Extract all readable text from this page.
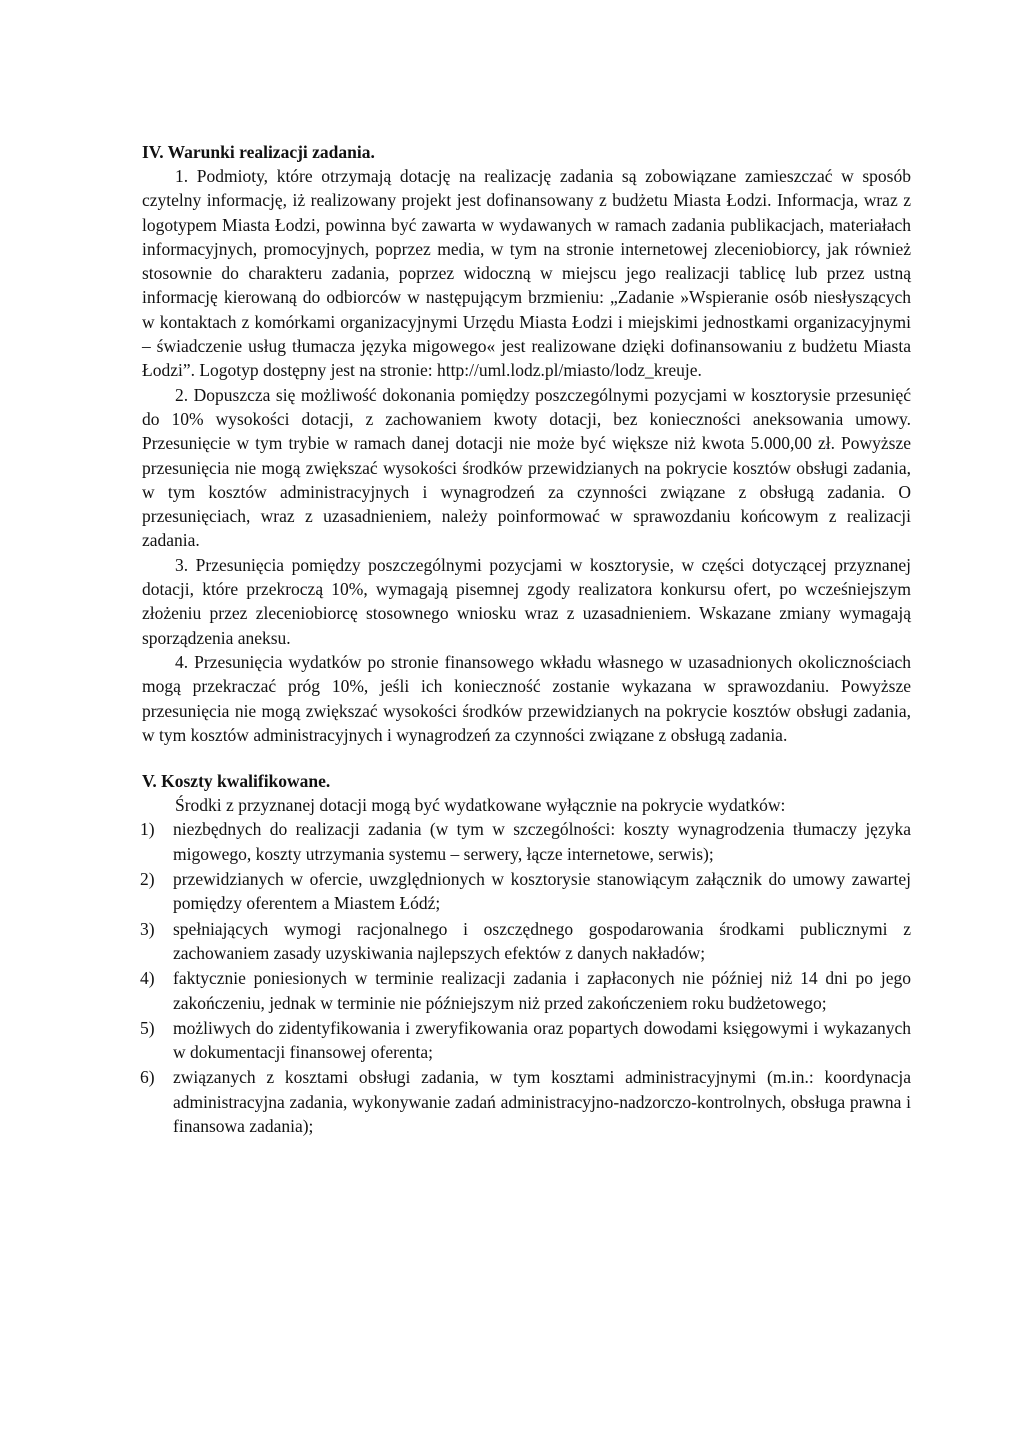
IV. Warunki realizacji zadania.

1. Podmioty, które otrzymają dotację na realizację zadania są zobowiązane zamieszczać w sposób czytelny informację, iż realizowany projekt jest dofinansowany z budżetu Miasta Łodzi. Informacja, wraz z logotypem Miasta Łodzi, powinna być zawarta w wydawanych w ramach zadania publikacjach, materiałach informacyjnych, promocyjnych, poprzez media, w tym na stronie internetowej zleceniobiorcy, jak również stosownie do charakteru zadania, poprzez widoczną w miejscu jego realizacji tablicę lub przez ustną informację kierowaną do odbiorców w następującym brzmieniu: „Zadanie »Wspieranie osób niesłyszących w kontaktach z komórkami organizacyjnymi Urzędu Miasta Łodzi i miejskimi jednostkami organizacyjnymi – świadczenie usług tłumacza języka migowego« jest realizowane dzięki dofinansowaniu z budżetu Miasta Łodzi”. Logotyp dostępny jest na stronie: http://uml.lodz.pl/miasto/lodz_kreuje.

2. Dopuszcza się możliwość dokonania pomiędzy poszczególnymi pozycjami w kosztorysie przesunięć do 10% wysokości dotacji, z zachowaniem kwoty dotacji, bez konieczności aneksowania umowy. Przesunięcie w tym trybie w ramach danej dotacji nie może być większe niż kwota 5.000,00 zł. Powyższe przesunięcia nie mogą zwiększać wysokości środków przewidzianych na pokrycie kosztów obsługi zadania, w tym kosztów administracyjnych i wynagrodzeń za czynności związane z obsługą zadania. O przesunięciach, wraz z uzasadnieniem, należy poinformować w sprawozdaniu końcowym z realizacji zadania.

3. Przesunięcia pomiędzy poszczególnymi pozycjami w kosztorysie, w części dotyczącej przyznanej dotacji, które przekroczą 10%, wymagają pisemnej zgody realizatora konkursu ofert, po wcześniejszym złożeniu przez zleceniobiorcę stosownego wniosku wraz z uzasadnieniem. Wskazane zmiany wymagają sporządzenia aneksu.

4. Przesunięcia wydatków po stronie finansowego wkładu własnego w uzasadnionych okolicznościach mogą przekraczać próg 10%, jeśli ich konieczność zostanie wykazana w sprawozdaniu. Powyższe przesunięcia nie mogą zwiększać wysokości środków przewidzianych na pokrycie kosztów obsługi zadania, w tym kosztów administracyjnych i wynagrodzeń za czynności związane z obsługą zadania.

V. Koszty kwalifikowane.

Środki z przyznanej dotacji mogą być wydatkowane wyłącznie na pokrycie wydatków:

1) niezbędnych do realizacji zadania (w tym w szczególności: koszty wynagrodzenia tłumaczy języka migowego, koszty utrzymania systemu – serwery, łącze internetowe, serwis);
2) przewidzianych w ofercie, uwzględnionych w kosztorysie stanowiącym załącznik do umowy zawartej pomiędzy oferentem a Miastem Łódź;
3) spełniających wymogi racjonalnego i oszczędnego gospodarowania środkami publicznymi z zachowaniem zasady uzyskiwania najlepszych efektów z danych nakładów;
4) faktycznie poniesionych w terminie realizacji zadania i zapłaconych nie później niż 14 dni po jego zakończeniu, jednak w terminie nie późniejszym niż przed zakończeniem roku budżetowego;
5) możliwych do zidentyfikowania i zweryfikowania oraz popartych dowodami księgowymi i wykazanych w dokumentacji finansowej oferenta;
6) związanych z kosztami obsługi zadania, w tym kosztami administracyjnymi (m.in.: koordynacja administracyjna zadania, wykonywanie zadań administracyjno-nadzorczo-kontrolnych, obsługa prawna i finansowa zadania);
